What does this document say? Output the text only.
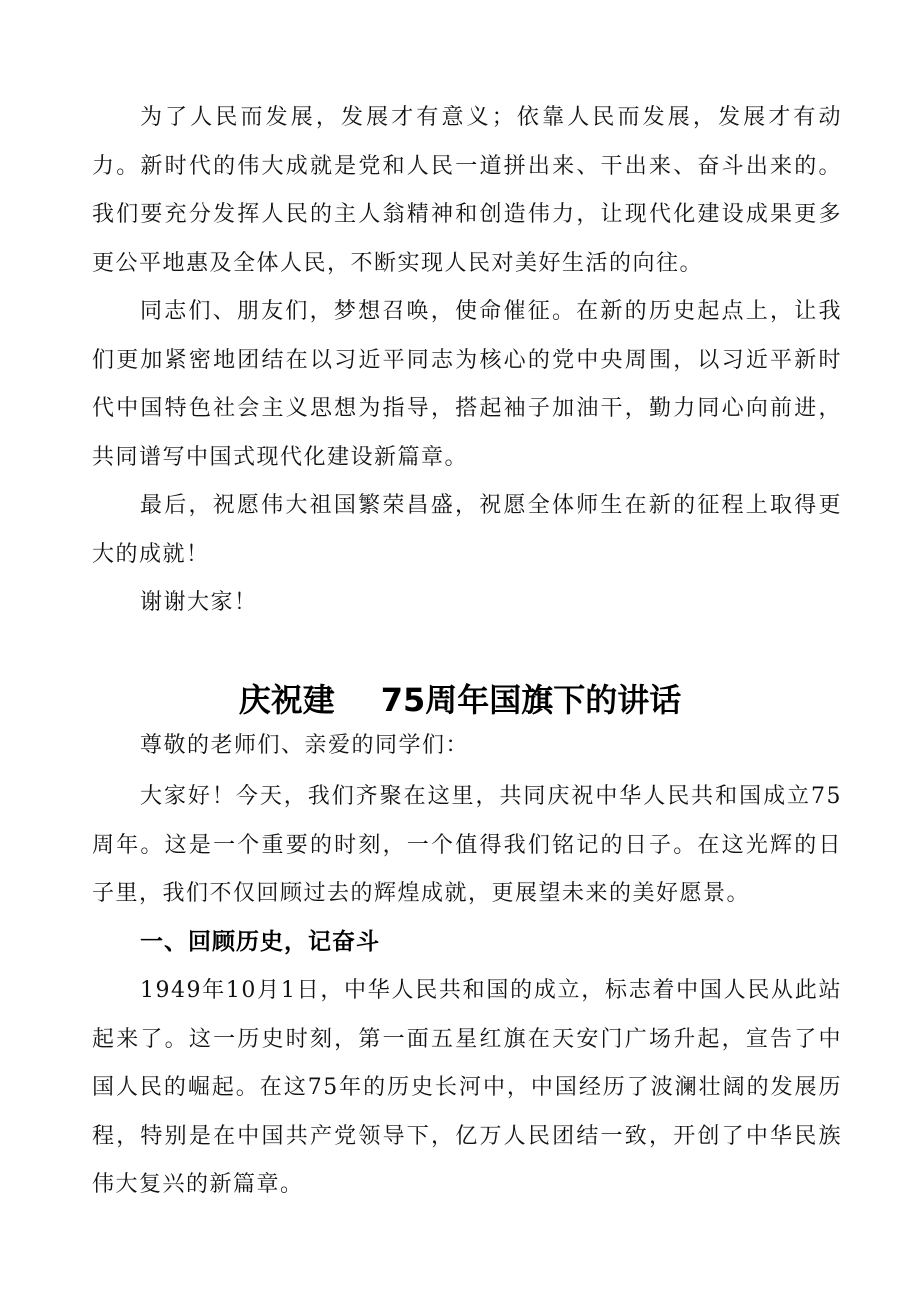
为了人民而发展，发展才有意义；依靠人民而发展，发展才有动力。新时代的伟大成就是党和人民一道拼出来、干出来、奋斗出来的。我们要充分发挥人民的主人翁精神和创造伟力，让现代化建设成果更多更公平地惠及全体人民，不断实现人民对美好生活的向往。

同志们、朋友们，梦想召唤，使命催征。在新的历史起点上，让我们更加紧密地团结在以习近平同志为核心的党中央周围，以习近平新时代中国特色社会主义思想为指导，搭起袖子加油干，勤力同心向前进，共同谱写中国式现代化建设新篇章。

最后，祝愿伟大祖国繁荣昌盛，祝愿全体师生在新的征程上取得更大的成就！

谢谢大家！

庆祝建 75周年国旗下的讲话

尊敬的老师们、亲爱的同学们：

大家好！今天，我们齐聚在这里，共同庆祝中华人民共和国成立75周年。这是一个重要的时刻，一个值得我们铭记的日子。在这光辉的日子里，我们不仅回顾过去的辉煌成就，更展望未来的美好愿景。

一、回顾历史，记奋斗

1949年10月1日，中华人民共和国的成立，标志着中国人民从此站起来了。这一历史时刻，第一面五星红旗在天安门广场升起，宣告了中国人民的崛起。在这75年的历史长河中，中国经历了波澜壮阔的发展历程，特别是在中国共产党领导下，亿万人民团结一致，开创了中华民族伟大复兴的新篇章。
